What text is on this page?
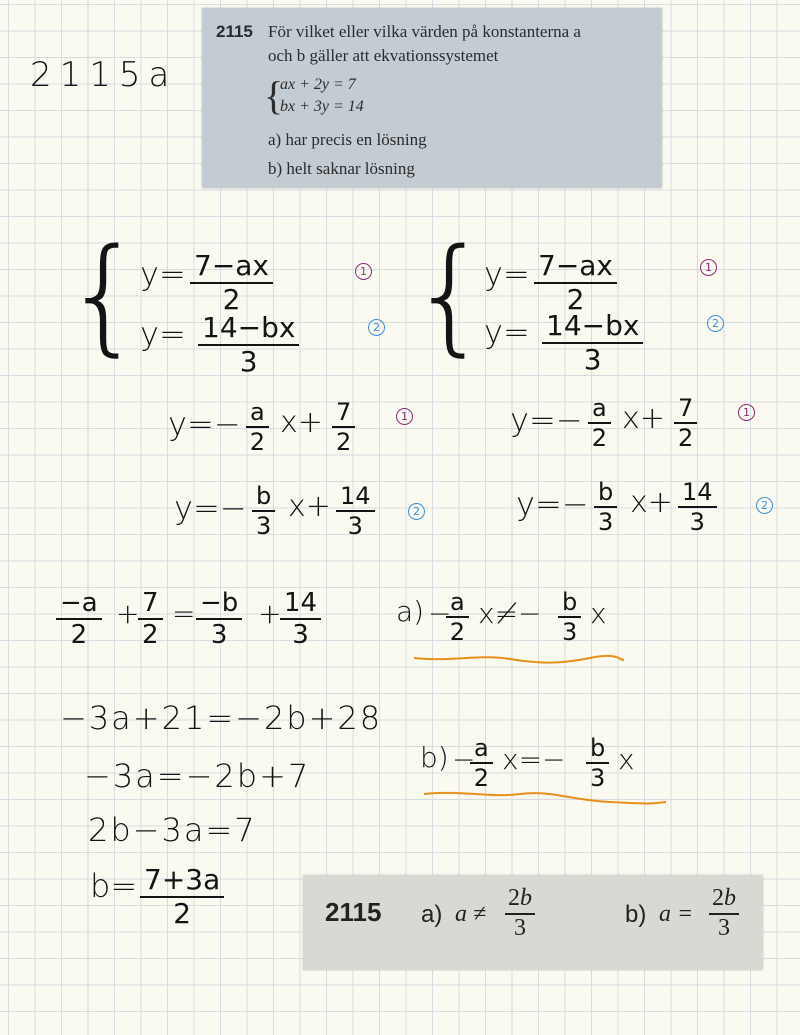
2115a
2115 För vilket eller vilka värden på konstanterna a
och b gäller att ekvationssystemet
{
ax + 2y = 7
bx + 3y = 14
a) har precis en lösning
b) helt saknar lösning
{
$y= \frac{7-ax}{2}$	1
$y= \frac{14-bx}{3}$	2 {
$y= \frac{7-ax}{2}$	1
$y= \frac{14-bx}{3}$	2
$y=- \frac{a}{2} x+ \frac{7}{2}$	1
$y=- \frac{b}{3} x+ \frac{14}{3}$	2
$y=- \frac{a}{2} x+ \frac{7}{2}$	1
$y=- \frac{b}{3} x+ \frac{14}{3}$	2
$\frac{-a}{2}$ +
$\frac{7}{2} = \frac{-b}{3}$ +
$\frac{14}{3}$	a) −
$\frac{a}{2} x\ne- \frac{b}{3}$ x
−3a+21=−2b+28
−3a=−2b+7
2b−3a=7
$b= \frac{7+3a}{2}$
b) −
$\frac{a}{2} x=- \frac{b}{3}$ x
2115 a) $a \ne \frac{2b}{3}$	b) $a = \frac{2b}{3}$
